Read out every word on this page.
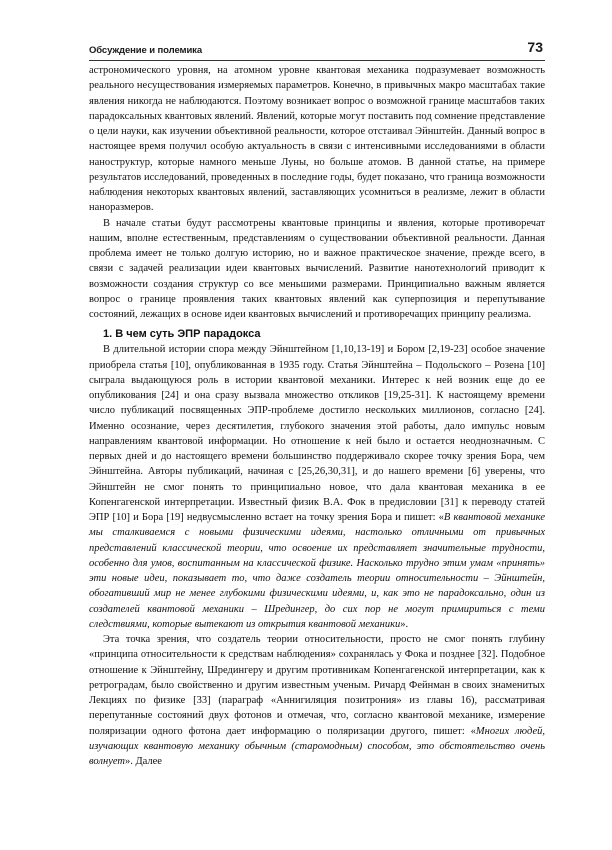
Обсуждение и полемика	73

астрономического уровня, на атомном уровне квантовая механика подразумевает возможность реального несуществования измеряемых параметров. Конечно, в привычных макро масштабах такие явления никогда не наблюдаются. Поэтому возникает вопрос о возможной границе масштабов таких парадоксальных квантовых явлений. Явлений, которые могут поставить под сомнение представление о цели науки, как изучении объективной реальности, которое отстаивал Эйнштейн. Данный вопрос в настоящее время получил особую актуальность в связи с интенсивными исследованиями в области наноструктур, которые намного меньше Луны, но больше атомов. В данной статье, на примере результатов исследований, проведенных в последние годы, будет показано, что граница возможности наблюдения некоторых квантовых явлений, заставляющих усомниться в реализме, лежит в области наноразмеров.

В начале статьи будут рассмотрены квантовые принципы и явления, которые противоречат нашим, вполне естественным, представлениям о существовании объективной реальности. Данная проблема имеет не только долгую историю, но и важное практическое значение, прежде всего, в связи с задачей реализации идеи квантовых вычислений. Развитие нанотехнологий приводит к возможности создания структур со все меньшими размерами. Принципиально важным является вопрос о границе проявления таких квантовых явлений как суперпозиция и перепутывание состояний, лежащих в основе идеи квантовых вычислений и противоречащих принципу реализма.

1. В чем суть ЭПР парадокса

В длительной истории спора между Эйнштейном [1,10,13-19] и Бором [2,19-23] особое значение приобрела статья [10], опубликованная в 1935 году. Статья Эйнштейна – Подольского – Розена [10] сыграла выдающуюся роль в истории квантовой механики. Интерес к ней возник еще до ее опубликования [24] и она сразу вызвала множество откликов [19,25-31]. К настоящему времени число публикаций посвященных ЭПР-проблеме достигло нескольких миллионов, согласно [24]. Именно осознание, через десятилетия, глубокого значения этой работы, дало импульс новым направлениям квантовой информации. Но отношение к ней было и остается неоднозначным. С первых дней и до настоящего времени большинство поддерживало скорее точку зрения Бора, чем Эйнштейна. Авторы публикаций, начиная с [25,26,30,31], и до нашего времени [6] уверены, что Эйнштейн не смог понять то принципиально новое, что дала квантовая механика в ее Копенгагенской интерпретации. Известный физик В.А. Фок в предисловии [31] к переводу статей ЭПР [10] и Бора [19] недвусмысленно встает на точку зрения Бора и пишет: «В квантовой механике мы сталкиваемся с новыми физическими идеями, настолько отличными от привычных представлений классической теории, что освоение их представляет значительные трудности, особенно для умов, воспитанным на классической физике. Насколько трудно этим умам «принять» эти новые идеи, показывает то, что даже создатель теории относительности – Эйнштейн, обогативший мир не менее глубокими физическими идеями, и, как это не парадоксально, один из создателей квантовой механики – Шредингер, до сих пор не могут примириться с теми следствиями, которые вытекают из открытия квантовой механики».

Эта точка зрения, что создатель теории относительности, просто не смог понять глубину «принципа относительности к средствам наблюдения» сохранялась у Фока и позднее [32]. Подобное отношение к Эйнштейну, Шредингеру и другим противникам Копенгагенской интерпретации, как к ретроградам, было свойственно и другим известным ученым. Ричард Фейнман в своих знаменитых Лекциях по физике [33] (параграф «Аннигиляция позитрония» из главы 16), рассматривая перепутанные состояний двух фотонов и отмечая, что, согласно квантовой механике, измерение поляризации одного фотона дает информацию о поляризации другого, пишет: «Многих людей, изучающих квантовую механику обычным (старомодным) способом, это обстоятельство очень волнует». Далее
